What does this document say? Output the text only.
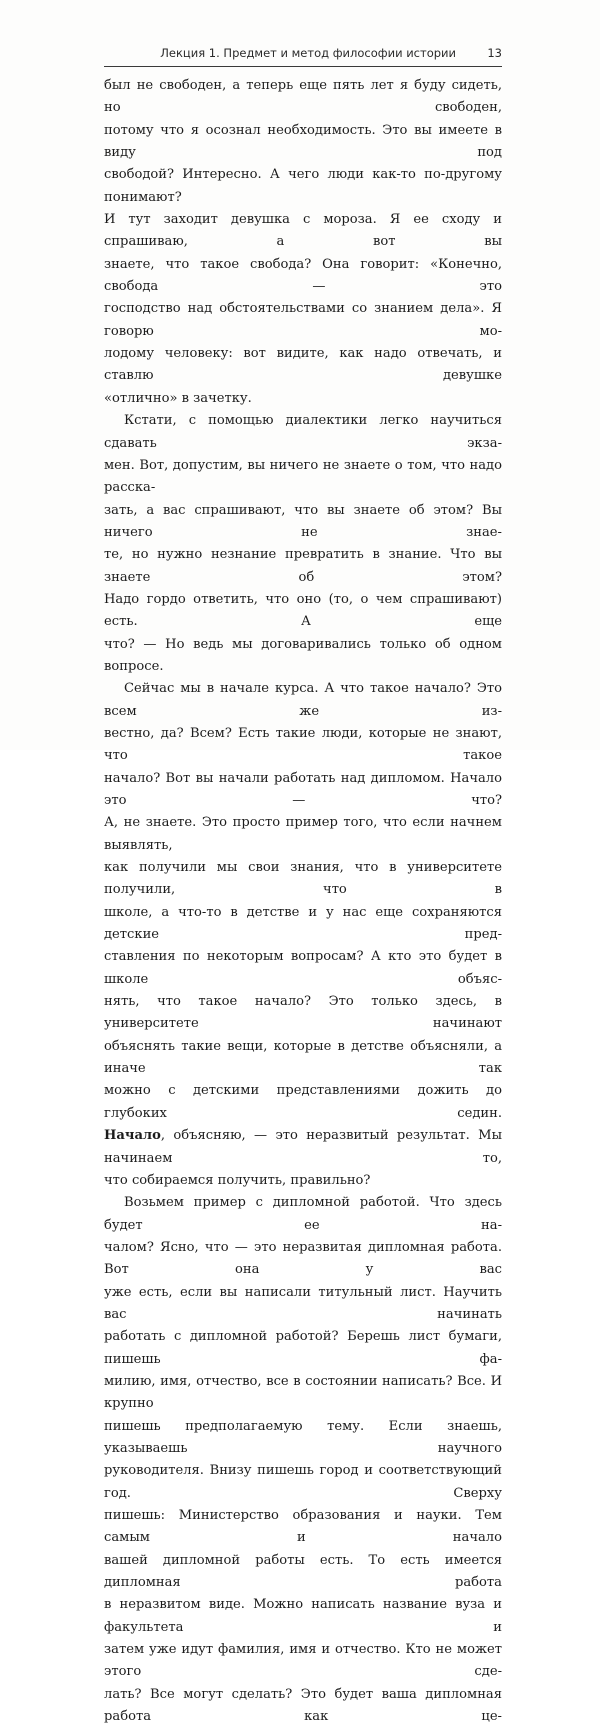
Лекция 1. Предмет и метод философии истории	13

был не свободен, а теперь еще пять лет я буду сидеть, но свободен,
потому что я осознал необходимость. Это вы имеете в виду под
свободой? Интересно. А чего люди как-то по-другому понимают?
И тут заходит девушка с мороза. Я ее сходу и спрашиваю, а вот вы
знаете, что такое свобода? Она говорит: «Конечно, свобода — это
господство над обстоятельствами со знанием дела». Я говорю мо-
лодому человеку: вот видите, как надо отвечать, и ставлю девушке

«отлично» в зачетку.

Кстати, с помощью диалектики легко научиться сдавать экза-
мен. Вот, допустим, вы ничего не знаете о том, что надо расска-
зать, а вас спрашивают, что вы знаете об этом? Вы ничего не знае-
те, но нужно незнание превратить в знание. Что вы знаете об этом?
Надо гордо ответить, что оно (то, о чем спрашивают) есть. А еще

что? — Но ведь мы договаривались только об одном вопросе.

Сейчас мы в начале курса. А что такое начало? Это всем же из-
вестно, да? Всем? Есть такие люди, которые не знают, что такое
начало? Вот вы начали работать над дипломом. Начало это — что?
А, не знаете. Это просто пример того, что если начнем выявлять,
как получили мы свои знания, что в университете получили, что в
школе, а что-то в детстве и у нас еще сохраняются детские пред-
ставления по некоторым вопросам? А кто это будет в школе объяс-
нять, что такое начало? Это только здесь, в университете начинают
объяснять такие вещи, которые в детстве объясняли, а иначе так
можно с детскими представлениями дожить до глубоких седин.
Начало, объясняю, — это неразвитый результат. Мы начинаем то,

что собираемся получить, правильно?

Возьмем пример с дипломной работой. Что здесь будет ее на-
чалом? Ясно, что — это неразвитая дипломная работа. Вот она у вас
уже есть, если вы написали титульный лист. Научить вас начинать
работать с дипломной работой? Берешь лист бумаги, пишешь фа-
милию, имя, отчество, все в состоянии написать? Все. И крупно
пишешь предполагаемую тему. Если знаешь, указываешь научного
руководителя. Внизу пишешь город и соответствующий год. Сверху
пишешь: Министерство образования и науки. Тем самым и начало
вашей дипломной работы есть. То есть имеется дипломная работа
в неразвитом виде. Можно написать название вуза и факультета и
затем уже идут фамилия, имя и отчество. Кто не может этого сде-
лать? Все могут сделать? Это будет ваша дипломная работа как це-
